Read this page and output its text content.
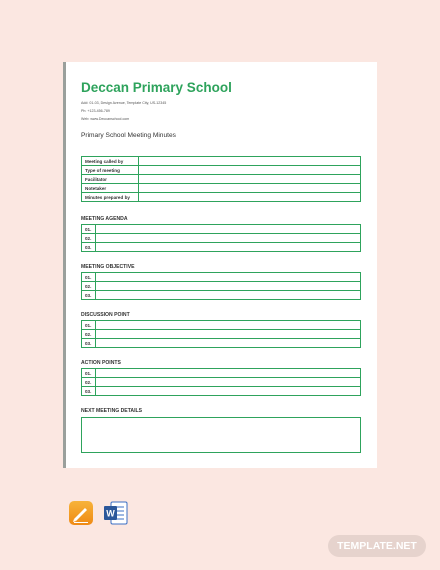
Deccan Primary School
Add: 01-03, Design Avenue, Template City, US-12345
Ph: +123-456-789
Web: www.Deccanschool.com
Primary School Meeting Minutes
Meeting called by	
Type of meeting	
Facilitator	
Notetaker	
Minutes prepared by	
MEETING AGENDA
01.	
02.	
03.	
MEETING OBJECTIVE
01.	
02.	
03.	
DISCUSSION POINT
01.	
02.	
03.	
ACTION POINTS
01.	
02.	
03.	
NEXT MEETING DETAILS
W
TEMPLATE.NET
